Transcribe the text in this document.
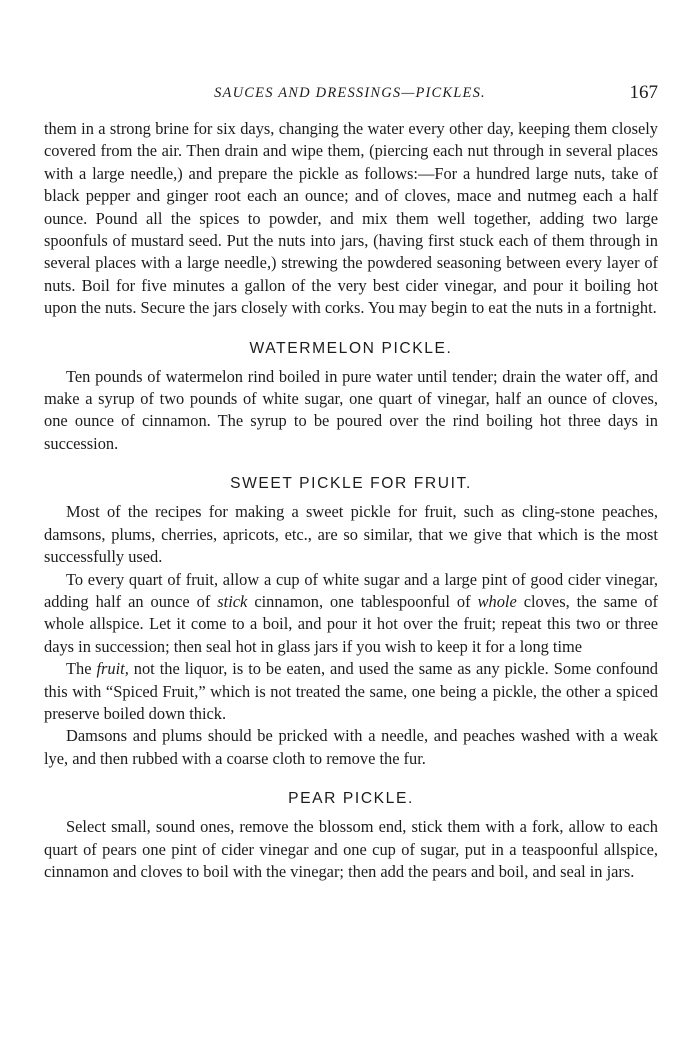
SAUCES AND DRESSINGS—PICKLES.	167

them in a strong brine for six days, changing the water every other day, keeping them closely covered from the air. Then drain and wipe them, (piercing each nut through in several places with a large needle,) and prepare the pickle as follows:—For a hundred large nuts, take of black pepper and ginger root each an ounce; and of cloves, mace and nutmeg each a half ounce. Pound all the spices to powder, and mix them well together, adding two large spoonfuls of mustard seed. Put the nuts into jars, (having first stuck each of them through in several places with a large needle,) strewing the powdered seasoning between every layer of nuts. Boil for five minutes a gallon of the very best cider vinegar, and pour it boiling hot upon the nuts. Secure the jars closely with corks. You may begin to eat the nuts in a fortnight.

WATERMELON PICKLE.

Ten pounds of watermelon rind boiled in pure water until tender; drain the water off, and make a syrup of two pounds of white sugar, one quart of vinegar, half an ounce of cloves, one ounce of cinnamon. The syrup to be poured over the rind boiling hot three days in succession.

SWEET PICKLE FOR FRUIT.

Most of the recipes for making a sweet pickle for fruit, such as cling-stone peaches, damsons, plums, cherries, apricots, etc., are so similar, that we give that which is the most successfully used.

To every quart of fruit, allow a cup of white sugar and a large pint of good cider vinegar, adding half an ounce of stick cinnamon, one tablespoonful of whole cloves, the same of whole allspice. Let it come to a boil, and pour it hot over the fruit; repeat this two or three days in succession; then seal hot in glass jars if you wish to keep it for a long time

The fruit, not the liquor, is to be eaten, and used the same as any pickle. Some confound this with “Spiced Fruit,” which is not treated the same, one being a pickle, the other a spiced preserve boiled down thick.

Damsons and plums should be pricked with a needle, and peaches washed with a weak lye, and then rubbed with a coarse cloth to remove the fur.

PEAR PICKLE.

Select small, sound ones, remove the blossom end, stick them with a fork, allow to each quart of pears one pint of cider vinegar and one cup of sugar, put in a teaspoonful allspice, cinnamon and cloves to boil with the vinegar; then add the pears and boil, and seal in jars.
